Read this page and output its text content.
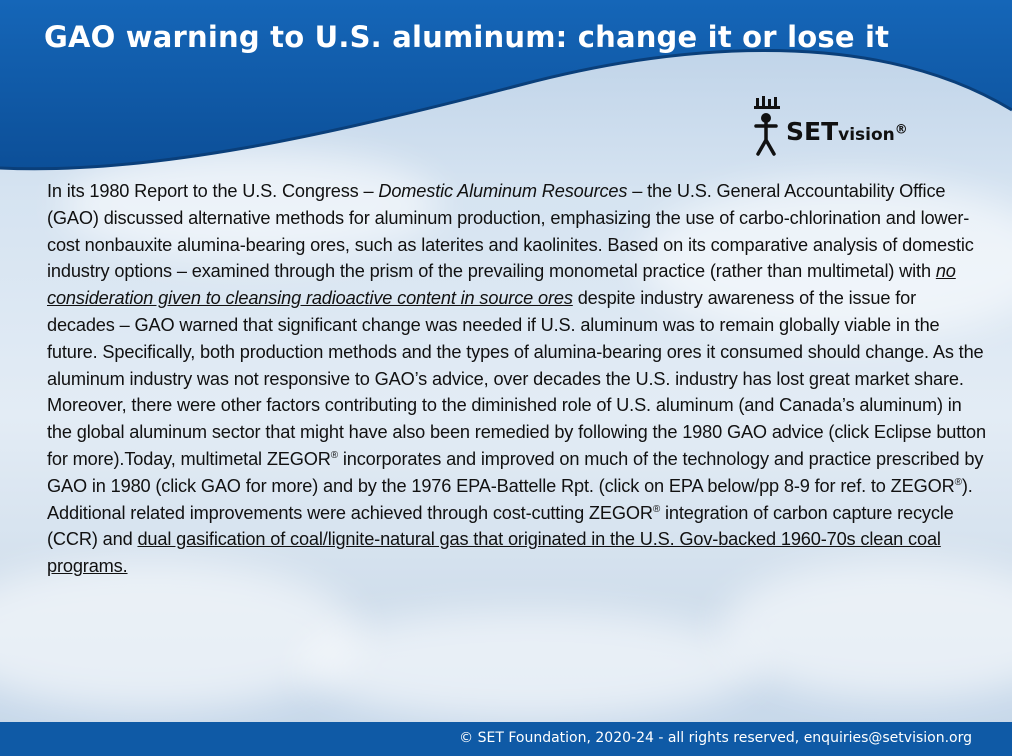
GAO warning to U.S. aluminum: change it or lose it
SETvision®

In its 1980 Report to the U.S. Congress – Domestic Aluminum Resources – the U.S. General Accountability Office (GAO) discussed alternative methods for aluminum production, emphasizing the use of carbo-chlorination and lower-cost nonbauxite alumina-bearing ores, such as laterites and kaolinites. Based on its comparative analysis of domestic industry options – examined through the prism of the prevailing monometal practice (rather than multimetal) with no consideration given to cleansing radioactive content in source ores despite industry awareness of the issue for decades – GAO warned that significant change was needed if U.S. aluminum was to remain globally viable in the future. Specifically, both production methods and the types of alumina-bearing ores it consumed should change. As the aluminum industry was not responsive to GAO’s advice, over decades the U.S. industry has lost great market share. Moreover, there were other factors contributing to the diminished role of U.S. aluminum (and Canada’s aluminum) in the global aluminum sector that might have also been remedied by following the 1980 GAO advice (click Eclipse button for more).Today, multimetal ZEGOR® incorporates and improved on much of the technology and practice prescribed by GAO in 1980 (click GAO for more) and by the 1976 EPA-Battelle Rpt. (click on EPA below/pp 8-9 for ref. to ZEGOR®). Additional related improvements were achieved through cost-cutting ZEGOR® integration of carbon capture recycle (CCR) and dual gasification of coal/lignite-natural gas that originated in the U.S. Gov-backed 1960-70s clean coal programs.

© SET Foundation, 2020-24 - all rights reserved, enquiries@setvision.org
